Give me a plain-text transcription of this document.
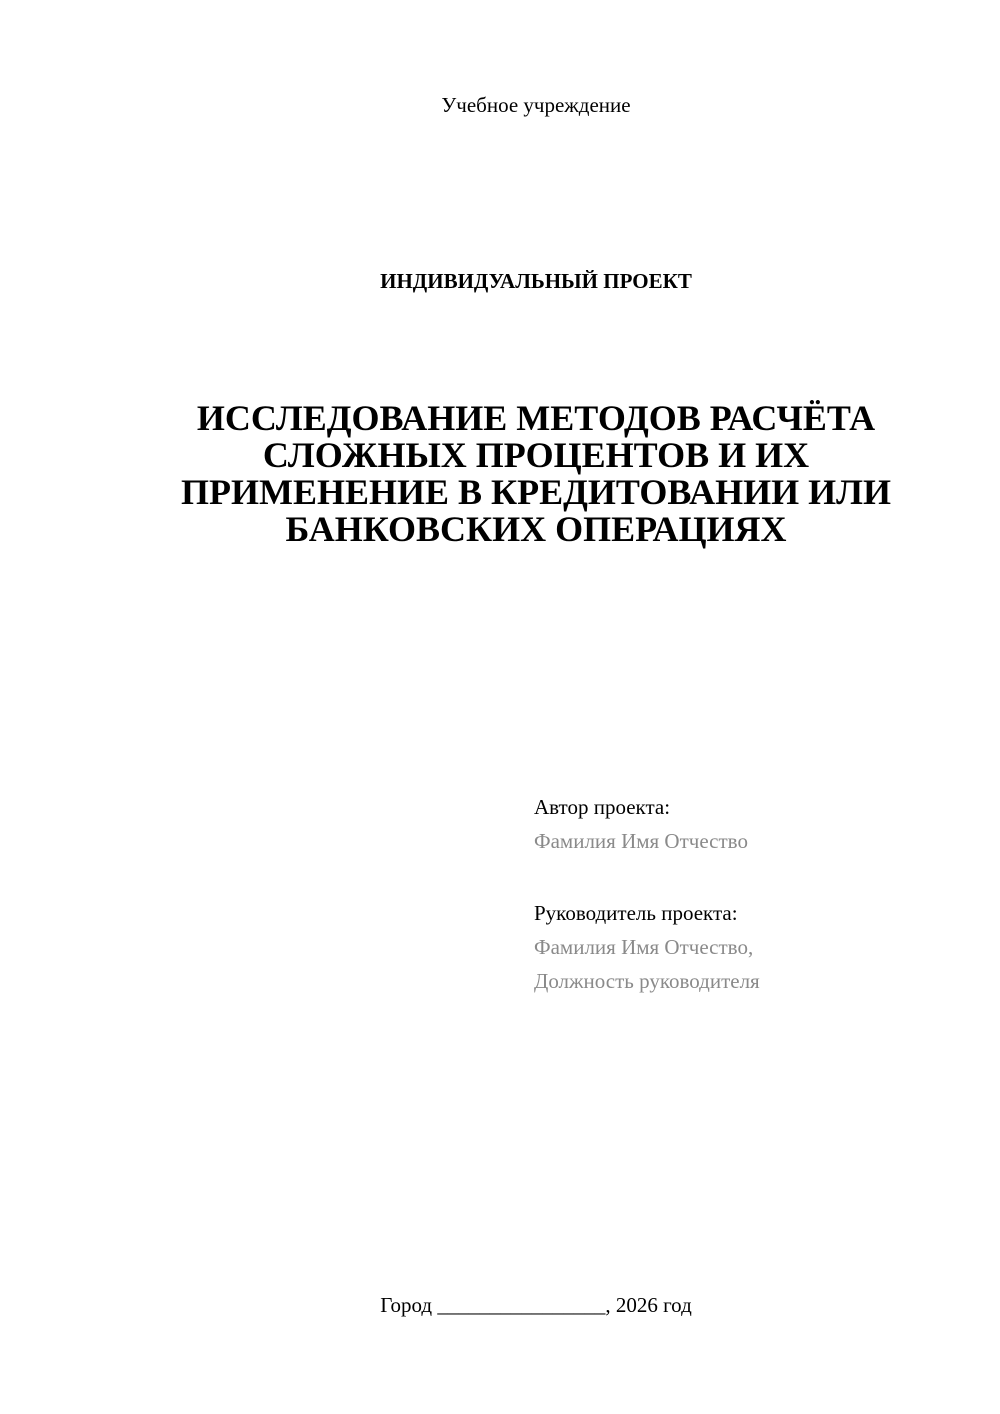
Учебное учреждение
ИНДИВИДУАЛЬНЫЙ ПРОЕКТ
ИССЛЕДОВАНИЕ МЕТОДОВ РАСЧЁТА
СЛОЖНЫХ ПРОЦЕНТОВ И ИХ
ПРИМЕНЕНИЕ В КРЕДИТОВАНИИ ИЛИ
БАНКОВСКИХ ОПЕРАЦИЯХ
Автор проекта:
Фамилия Имя Отчество
Руководитель проекта:
Фамилия Имя Отчество,
Должность руководителя
Город ________________, 2026 год
